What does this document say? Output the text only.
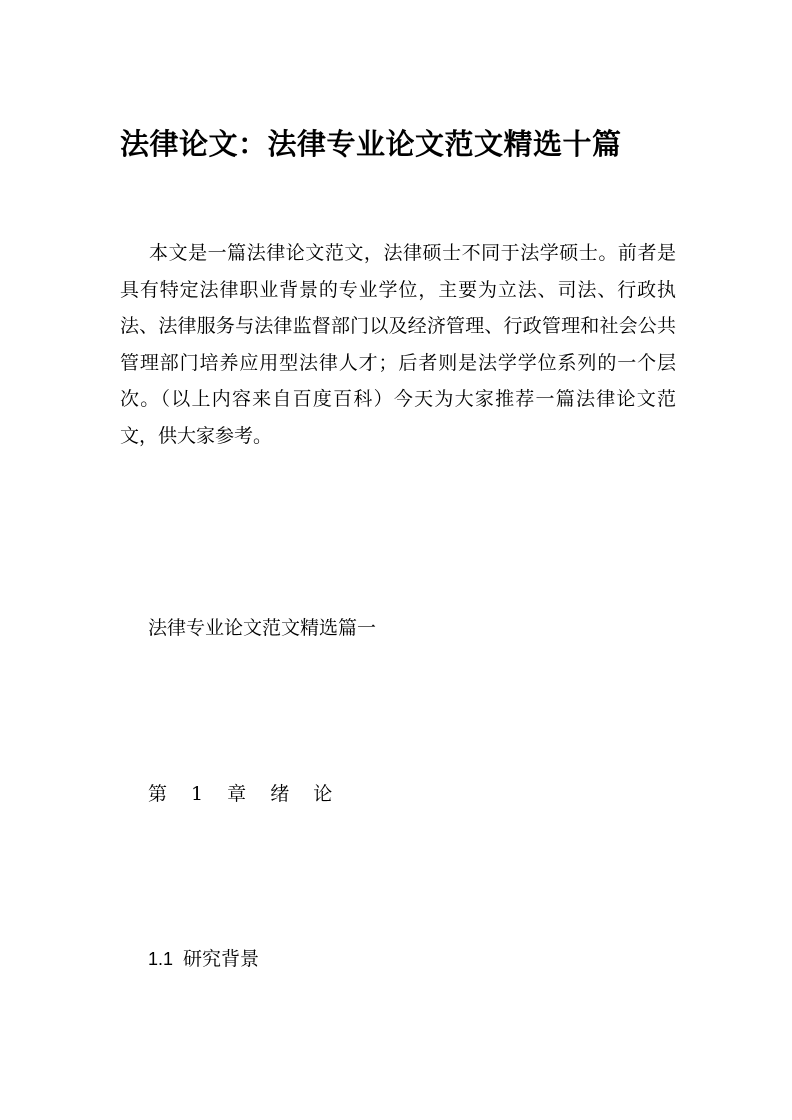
法律论文：法律专业论文范文精选十篇

本文是一篇法律论文范文，法律硕士不同于法学硕士。前者是具有特定法律职业背景的专业学位，主要为立法、司法、行政执法、法律服务与法律监督部门以及经济管理、行政管理和社会公共管理部门培养应用型法律人才；后者则是法学学位系列的一个层次。（以上内容来自百度百科）今天为大家推荐一篇法律论文范文，供大家参考。

法律专业论文范文精选篇一
第 1 章 绪 论
1.1 研究背景
